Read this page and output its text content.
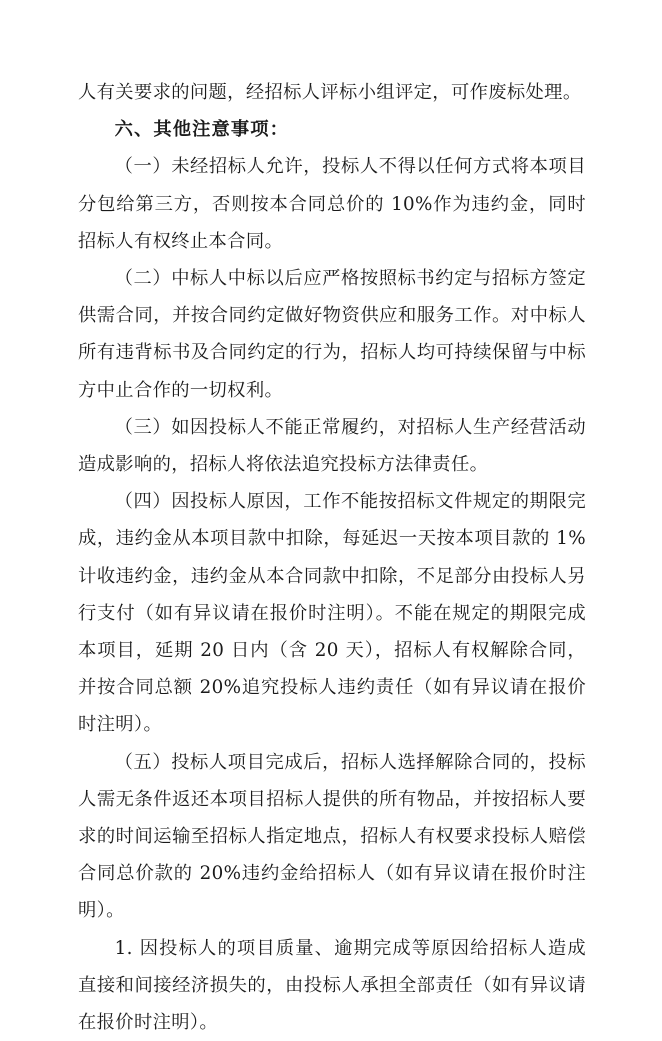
人有关要求的问题，经招标人评标小组评定，可作废标处理。

六、其他注意事项：

（一）未经招标人允许，投标人不得以任何方式将本项目分包给第三方，否则按本合同总价的 10%作为违约金，同时招标人有权终止本合同。

（二）中标人中标以后应严格按照标书约定与招标方签定供需合同，并按合同约定做好物资供应和服务工作。对中标人所有违背标书及合同约定的行为，招标人均可持续保留与中标方中止合作的一切权利。

（三）如因投标人不能正常履约，对招标人生产经营活动造成影响的，招标人将依法追究投标方法律责任。

（四）因投标人原因，工作不能按招标文件规定的期限完成，违约金从本项目款中扣除，每延迟一天按本项目款的 1%计收违约金，违约金从本合同款中扣除，不足部分由投标人另行支付（如有异议请在报价时注明）。不能在规定的期限完成本项目，延期 20 日内（含 20 天），招标人有权解除合同，并按合同总额 20%追究投标人违约责任（如有异议请在报价时注明）。

（五）投标人项目完成后，招标人选择解除合同的，投标人需无条件返还本项目招标人提供的所有物品，并按招标人要求的时间运输至招标人指定地点，招标人有权要求投标人赔偿合同总价款的 20%违约金给招标人（如有异议请在报价时注明）。

1. 因投标人的项目质量、逾期完成等原因给招标人造成直接和间接经济损失的，由投标人承担全部责任（如有异议请在报价时注明）。
